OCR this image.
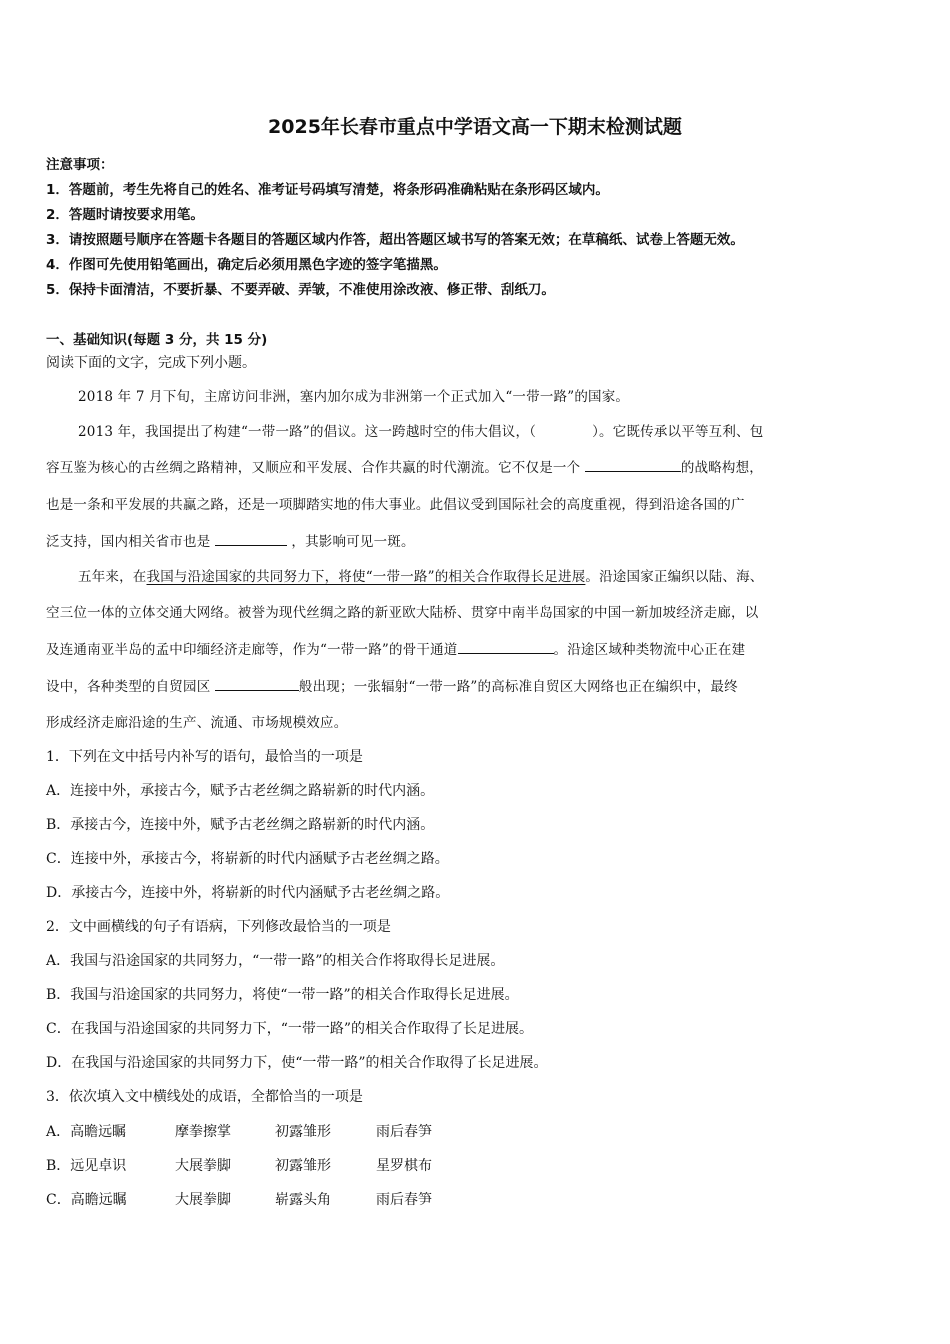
2025年长春市重点中学语文高一下期末检测试题
注意事项：
1．答题前，考生先将自己的姓名、准考证号码填写清楚，将条形码准确粘贴在条形码区域内。
2．答题时请按要求用笔。
3．请按照题号顺序在答题卡各题目的答题区域内作答，超出答题区域书写的答案无效；在草稿纸、试卷上答题无效。
4．作图可先使用铅笔画出，确定后必须用黑色字迹的签字笔描黑。
5．保持卡面清洁，不要折暴、不要弄破、弄皱，不准使用涂改液、修正带、刮纸刀。
一、基础知识(每题 3 分，共 15 分)
阅读下面的文字，完成下列小题。
2018 年 7 月下旬，主席访问非洲，塞内加尔成为非洲第一个正式加入“一带一路”的国家。
2013 年，我国提出了构建“一带一路”的倡议。这一跨越时空的伟大倡议，（	）。它既传承以平等互利、包
容互鉴为核心的古丝绸之路精神，又顺应和平发展、合作共赢的时代潮流。它不仅是一个	的战略构想，
也是一条和平发展的共赢之路，还是一项脚踏实地的伟大事业。此倡议受到国际社会的高度重视，得到沿途各国的广
泛支持，国内相关省市也是	，其影响可见一斑。
五年来，在我国与沿途国家的共同努力下，将使“一带一路”的相关合作取得长足进展。沿途国家正编织以陆、海、
空三位一体的立体交通大网络。被誉为现代丝绸之路的新亚欧大陆桥、贯穿中南半岛国家的中国一新加坡经济走廊，以
及连通南亚半岛的孟中印缅经济走廊等，作为“一带一路”的骨干通道	。沿途区域种类物流中心正在建
设中，各种类型的自贸园区	般出现；一张辐射“一带一路”的高标准自贸区大网络也正在编织中，最终
形成经济走廊沿途的生产、流通、市场规模效应。
1．下列在文中括号内补写的语句，最恰当的一项是
A．连接中外，承接古今，赋予古老丝绸之路崭新的时代内涵。
B．承接古今，连接中外，赋予古老丝绸之路崭新的时代内涵。
C．连接中外，承接古今，将崭新的时代内涵赋予古老丝绸之路。
D．承接古今，连接中外，将崭新的时代内涵赋予古老丝绸之路。
2．文中画横线的句子有语病，下列修改最恰当的一项是
A．我国与沿途国家的共同努力，“一带一路”的相关合作将取得长足进展。
B．我国与沿途国家的共同努力，将使“一带一路”的相关合作取得长足进展。
C．在我国与沿途国家的共同努力下，“一带一路”的相关合作取得了长足进展。
D．在我国与沿途国家的共同努力下，使“一带一路”的相关合作取得了长足进展。
3．依次填入文中横线处的成语，全都恰当的一项是
A．高瞻远瞩	摩拳擦掌	初露雏形	雨后春笋
B．远见卓识	大展拳脚	初露雏形	星罗棋布
C．高瞻远瞩	大展拳脚	崭露头角	雨后春笋
